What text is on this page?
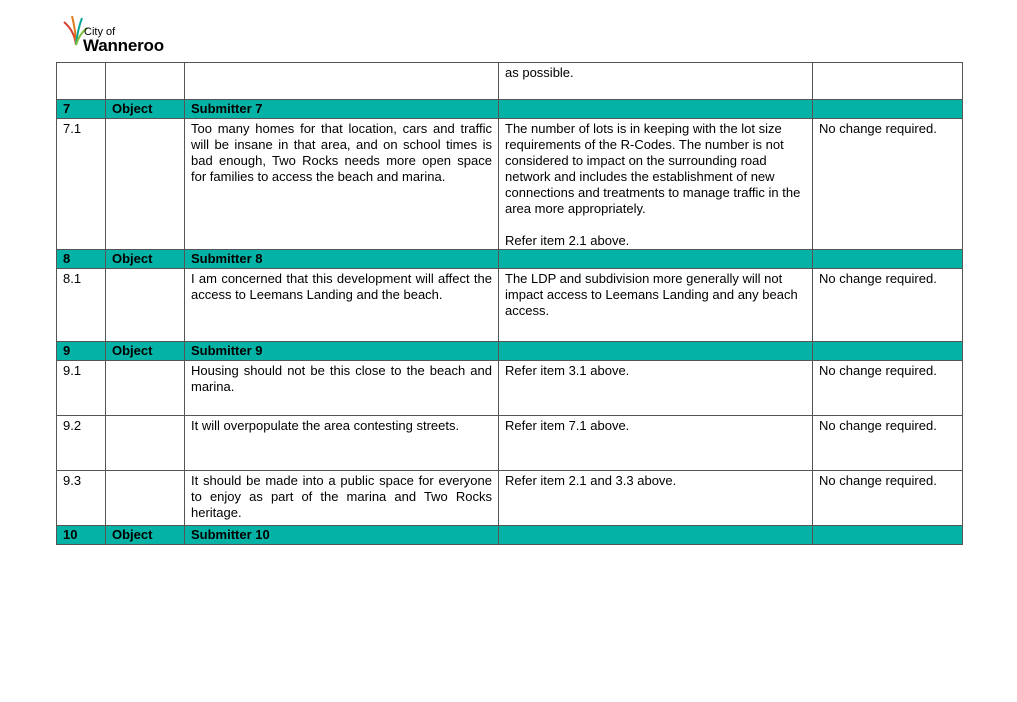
City of
Wanneroo
			as possible.	
7	Object	Submitter 7		
7.1		Too many homes for that location, cars and traffic will be insane in that area, and on school times is bad enough, Two Rocks needs more open space for families to access the beach and marina.	The number of lots is in keeping with the lot size requirements of the R-Codes. The number is not considered to impact on the surrounding road network and includes the establishment of new connections and treatments to manage traffic in the area more appropriately.

Refer item 2.1 above.	No change required.
8	Object	Submitter 8		
8.1		I am concerned that this development will affect the access to Leemans Landing and the beach.	The LDP and subdivision more generally will not impact access to Leemans Landing and any beach access.	No change required.
9	Object	Submitter 9		
9.1		Housing should not be this close to the beach and marina.	Refer item 3.1 above.	No change required.
9.2		It will overpopulate the area contesting streets.	Refer item 7.1 above.	No change required.
9.3		It should be made into a public space for everyone to enjoy as part of the marina and Two Rocks heritage.	Refer item 2.1 and 3.3 above.	No change required.
10	Object	Submitter 10		
